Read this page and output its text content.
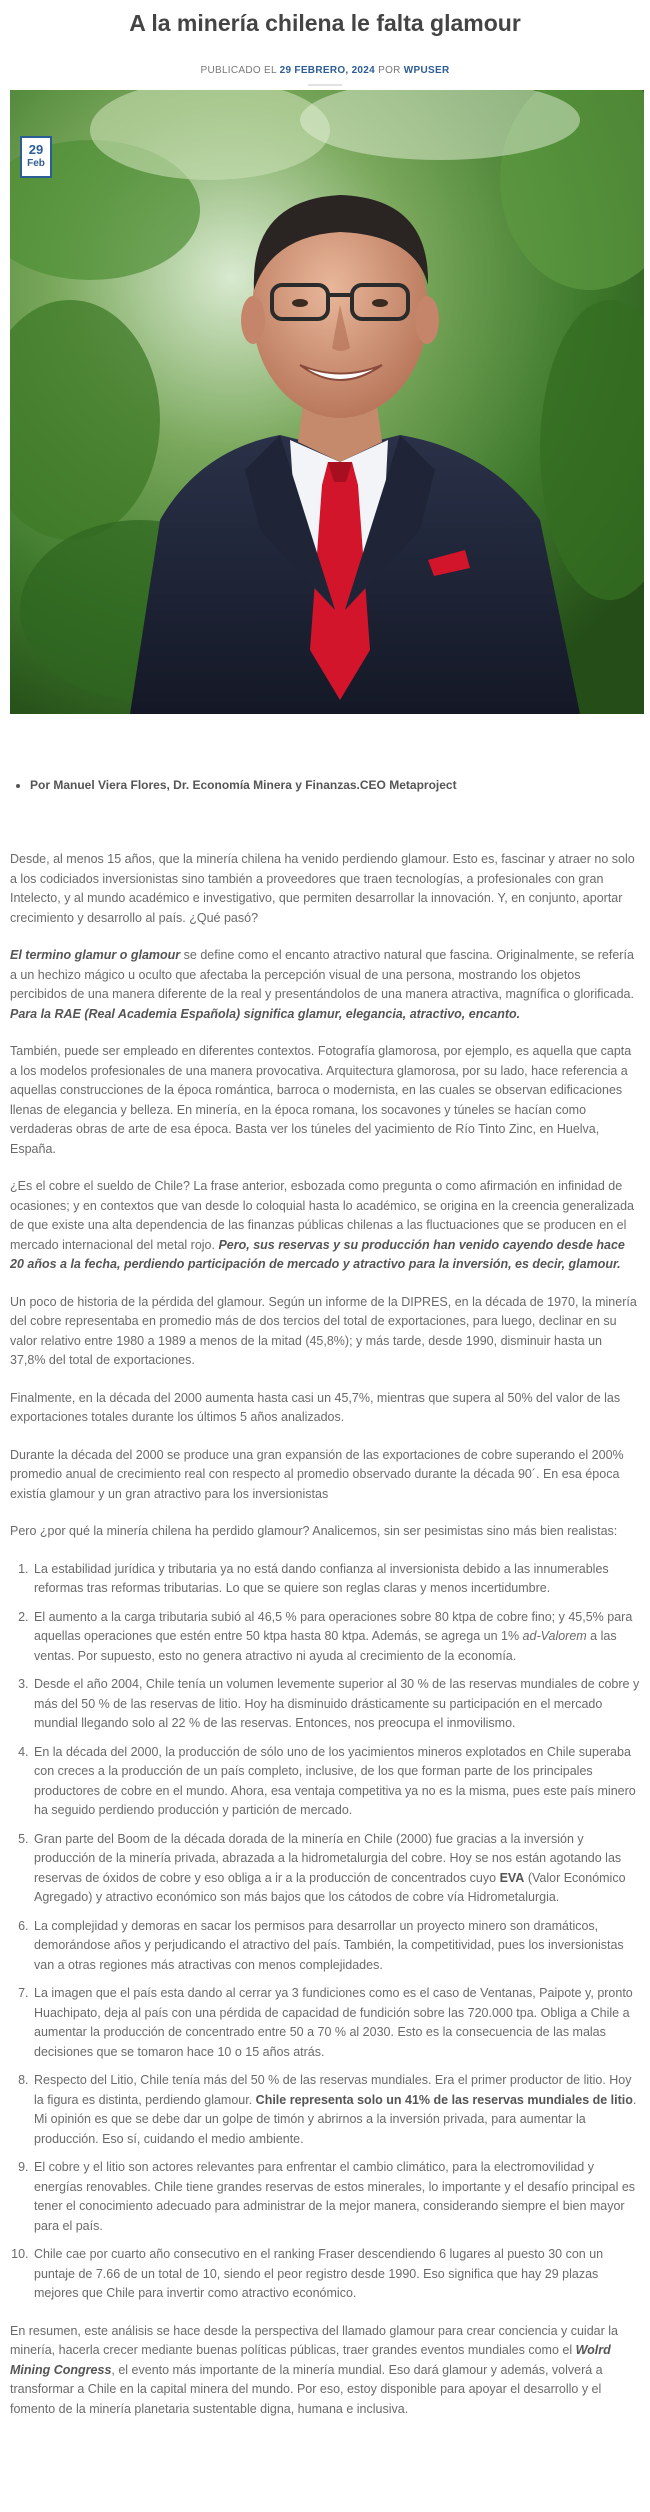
A la minería chilena le falta glamour
PUBLICADO EL 29 FEBRERO, 2024 POR WPUSER
29
Feb
• Por Manuel Viera Flores, Dr. Economía Minera y Finanzas.CEO Metaproject

Desde, al menos 15 años, que la minería chilena ha venido perdiendo glamour. Esto es, fascinar y atraer no solo a los codiciados inversionistas sino también a proveedores que traen tecnologías, a profesionales con gran Intelecto, y al mundo académico e investigativo, que permiten desarrollar la innovación. Y, en conjunto, aportar crecimiento y desarrollo al país. ¿Qué pasó?

El termino glamur o glamour se define como el encanto atractivo natural que fascina. Originalmente, se refería a un hechizo mágico u oculto que afectaba la percepción visual de una persona, mostrando los objetos percibidos de una manera diferente de la real y presentándolos de una manera atractiva, magnífica o glorificada. Para la RAE (Real Academia Española) significa glamur, elegancia, atractivo, encanto.

También, puede ser empleado en diferentes contextos. Fotografía glamorosa, por ejemplo, es aquella que capta a los modelos profesionales de una manera provocativa. Arquitectura glamorosa, por su lado, hace referencia a aquellas construcciones de la época romántica, barroca o modernista, en las cuales se observan edificaciones llenas de elegancia y belleza. En minería, en la época romana, los socavones y túneles se hacían como verdaderas obras de arte de esa época. Basta ver los túneles del yacimiento de Río Tinto Zinc, en Huelva, España.

¿Es el cobre el sueldo de Chile? La frase anterior, esbozada como pregunta o como afirmación en infinidad de ocasiones; y en contextos que van desde lo coloquial hasta lo académico, se origina en la creencia generalizada de que existe una alta dependencia de las finanzas públicas chilenas a las fluctuaciones que se producen en el mercado internacional del metal rojo. Pero, sus reservas y su producción han venido cayendo desde hace 20 años a la fecha, perdiendo participación de mercado y atractivo para la inversión, es decir, glamour.

Un poco de historia de la pérdida del glamour. Según un informe de la DIPRES, en la década de 1970, la minería del cobre representaba en promedio más de dos tercios del total de exportaciones, para luego, declinar en su valor relativo entre 1980 a 1989 a menos de la mitad (45,8%); y más tarde, desde 1990, disminuir hasta un 37,8% del total de exportaciones.

Finalmente, en la década del 2000 aumenta hasta casi un 45,7%, mientras que supera al 50% del valor de las exportaciones totales durante los últimos 5 años analizados.

Durante la década del 2000 se produce una gran expansión de las exportaciones de cobre superando el 200% promedio anual de crecimiento real con respecto al promedio observado durante la década 90´. En esa época existía glamour y un gran atractivo para los inversionistas

Pero ¿por qué la minería chilena ha perdido glamour? Analicemos, sin ser pesimistas sino más bien realistas:

1. La estabilidad jurídica y tributaria ya no está dando confianza al inversionista debido a las innumerables reformas tras reformas tributarias. Lo que se quiere son reglas claras y menos incertidumbre.
2. El aumento a la carga tributaria subió al 46,5 % para operaciones sobre 80 ktpa de cobre fino; y 45,5% para aquellas operaciones que estén entre 50 ktpa hasta 80 ktpa. Además, se agrega un 1% ad-Valorem a las ventas. Por supuesto, esto no genera atractivo ni ayuda al crecimiento de la economía.
3. Desde el año 2004, Chile tenía un volumen levemente superior al 30 % de las reservas mundiales de cobre y más del 50 % de las reservas de litio. Hoy ha disminuido drásticamente su participación en el mercado mundial llegando solo al 22 % de las reservas. Entonces, nos preocupa el inmovilismo.
4. En la década del 2000, la producción de sólo uno de los yacimientos mineros explotados en Chile superaba con creces a la producción de un país completo, inclusive, de los que forman parte de los principales productores de cobre en el mundo. Ahora, esa ventaja competitiva ya no es la misma, pues este país minero ha seguido perdiendo producción y partición de mercado.
5. Gran parte del Boom de la década dorada de la minería en Chile (2000) fue gracias a la inversión y producción de la minería privada, abrazada a la hidrometalurgia del cobre. Hoy se nos están agotando las reservas de óxidos de cobre y eso obliga a ir a la producción de concentrados cuyo EVA (Valor Económico Agregado) y atractivo económico son más bajos que los cátodos de cobre vía Hidrometalurgia.
6. La complejidad y demoras en sacar los permisos para desarrollar un proyecto minero son dramáticos, demorándose años y perjudicando el atractivo del país. También, la competitividad, pues los inversionistas van a otras regiones más atractivas con menos complejidades.
7. La imagen que el país esta dando al cerrar ya 3 fundiciones como es el caso de Ventanas, Paipote y, pronto Huachipato, deja al país con una pérdida de capacidad de fundición sobre las 720.000 tpa. Obliga a Chile a aumentar la producción de concentrado entre 50 a 70 % al 2030. Esto es la consecuencia de las malas decisiones que se tomaron hace 10 o 15 años atrás.
8. Respecto del Litio, Chile tenía más del 50 % de las reservas mundiales. Era el primer productor de litio. Hoy la figura es distinta, perdiendo glamour. Chile representa solo un 41% de las reservas mundiales de litio. Mi opinión es que se debe dar un golpe de timón y abrirnos a la inversión privada, para aumentar la producción. Eso sí, cuidando el medio ambiente.
9. El cobre y el litio son actores relevantes para enfrentar el cambio climático, para la electromovilidad y energías renovables. Chile tiene grandes reservas de estos minerales, lo importante y el desafío principal es tener el conocimiento adecuado para administrar de la mejor manera, considerando siempre el bien mayor para el país.
10. Chile cae por cuarto año consecutivo en el ranking Fraser descendiendo 6 lugares al puesto 30 con un puntaje de 7.66 de un total de 10, siendo el peor registro desde 1990. Eso significa que hay 29 plazas mejores que Chile para invertir como atractivo económico.

En resumen, este análisis se hace desde la perspectiva del llamado glamour para crear conciencia y cuidar la minería, hacerla crecer mediante buenas políticas públicas, traer grandes eventos mundiales como el Wolrd Mining Congress, el evento más importante de la minería mundial. Eso dará glamour y además, volverá a transformar a Chile en la capital minera del mundo. Por eso, estoy disponible para apoyar el desarrollo y el fomento de la minería planetaria sustentable digna, humana e inclusiva.
